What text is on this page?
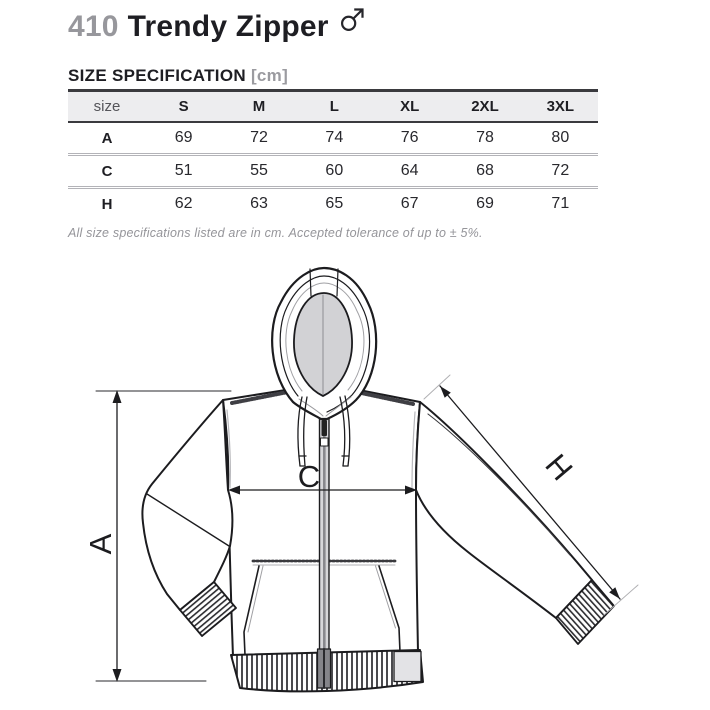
410 Trendy Zipper
SIZE SPECIFICATION [cm]
size	S	M	L	XL	2XL	3XL
A	69	72	74	76	78	80
C	51	55	60	64	68	72
H	62	63	65	67	69	71

All size specifications listed are in cm. Accepted tolerance of up to ± 5%.

A
C	H
